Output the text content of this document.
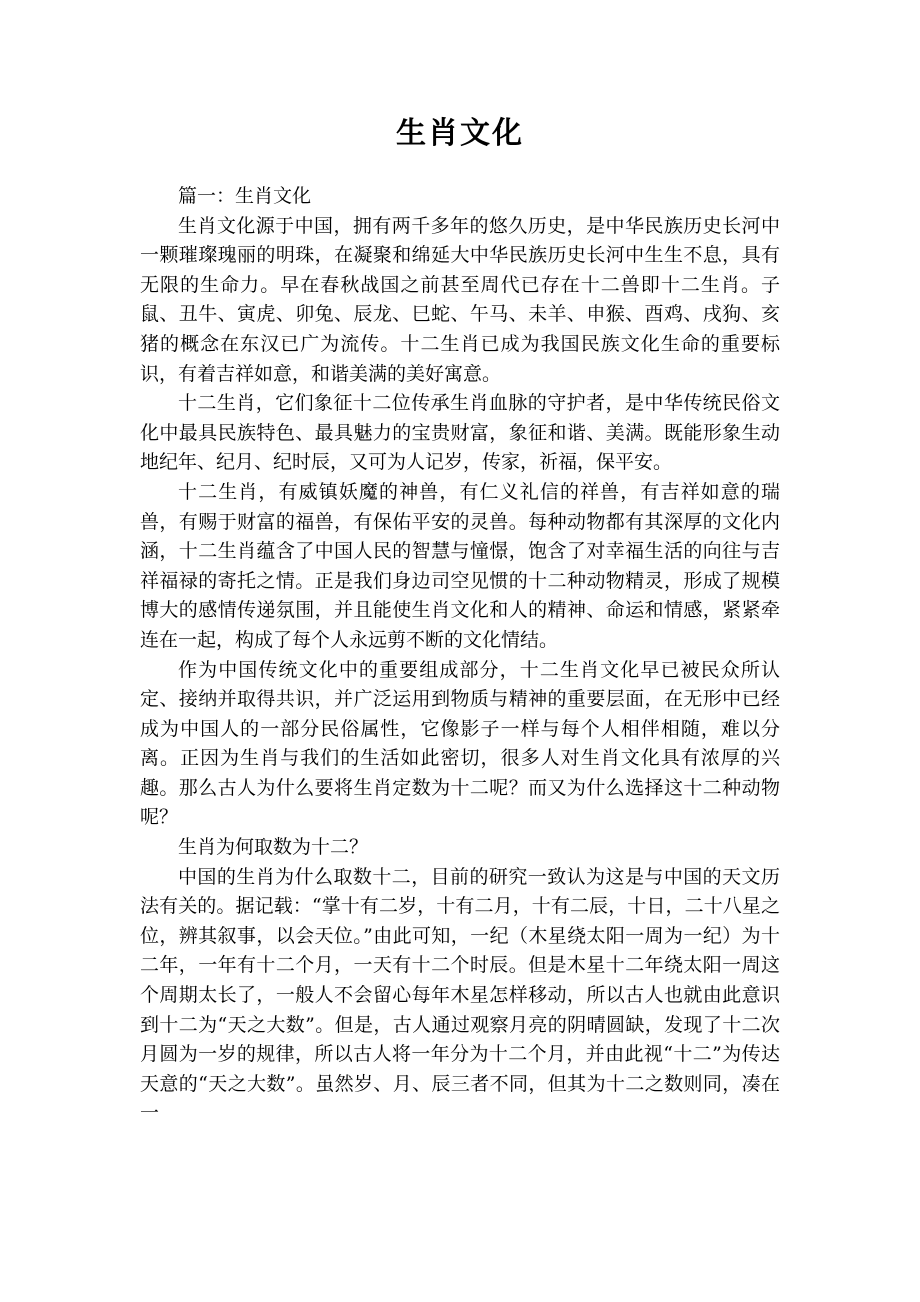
生肖文化

篇一：生肖文化

生肖文化源于中国，拥有两千多年的悠久历史，是中华民族历史长河中一颗璀璨瑰丽的明珠，在凝聚和绵延大中华民族历史长河中生生不息，具有无限的生命力。早在春秋战国之前甚至周代已存在十二兽即十二生肖。子鼠、丑牛、寅虎、卯兔、辰龙、巳蛇、午马、未羊、申猴、酉鸡、戌狗、亥猪的概念在东汉已广为流传。十二生肖已成为我国民族文化生命的重要标识，有着吉祥如意，和谐美满的美好寓意。

十二生肖，它们象征十二位传承生肖血脉的守护者，是中华传统民俗文化中最具民族特色、最具魅力的宝贵财富，象征和谐、美满。既能形象生动地纪年、纪月、纪时辰，又可为人记岁，传家，祈福，保平安。

十二生肖，有威镇妖魔的神兽，有仁义礼信的祥兽，有吉祥如意的瑞兽，有赐于财富的福兽，有保佑平安的灵兽。每种动物都有其深厚的文化内涵，十二生肖蕴含了中国人民的智慧与憧憬，饱含了对幸福生活的向往与吉祥福禄的寄托之情。正是我们身边司空见惯的十二种动物精灵，形成了规模博大的感情传递氛围，并且能使生肖文化和人的精神、命运和情感，紧紧牵连在一起，构成了每个人永远剪不断的文化情结。

作为中国传统文化中的重要组成部分，十二生肖文化早已被民众所认定、接纳并取得共识，并广泛运用到物质与精神的重要层面，在无形中已经成为中国人的一部分民俗属性，它像影子一样与每个人相伴相随，难以分离。正因为生肖与我们的生活如此密切，很多人对生肖文化具有浓厚的兴趣。那么古人为什么要将生肖定数为十二呢？而又为什么选择这十二种动物呢？

生肖为何取数为十二？

中国的生肖为什么取数十二，目前的研究一致认为这是与中国的天文历法有关的。据记载：“掌十有二岁，十有二月，十有二辰，十日，二十八星之位，辨其叙事，以会天位。”由此可知，一纪（木星绕太阳一周为一纪）为十二年，一年有十二个月，一天有十二个时辰。但是木星十二年绕太阳一周这个周期太长了，一般人不会留心每年木星怎样移动，所以古人也就由此意识到十二为“天之大数”。但是，古人通过观察月亮的阴晴圆缺，发现了十二次月圆为一岁的规律，所以古人将一年分为十二个月，并由此视“十二”为传达天意的“天之大数”。虽然岁、月、辰三者不同，但其为十二之数则同，凑在一
